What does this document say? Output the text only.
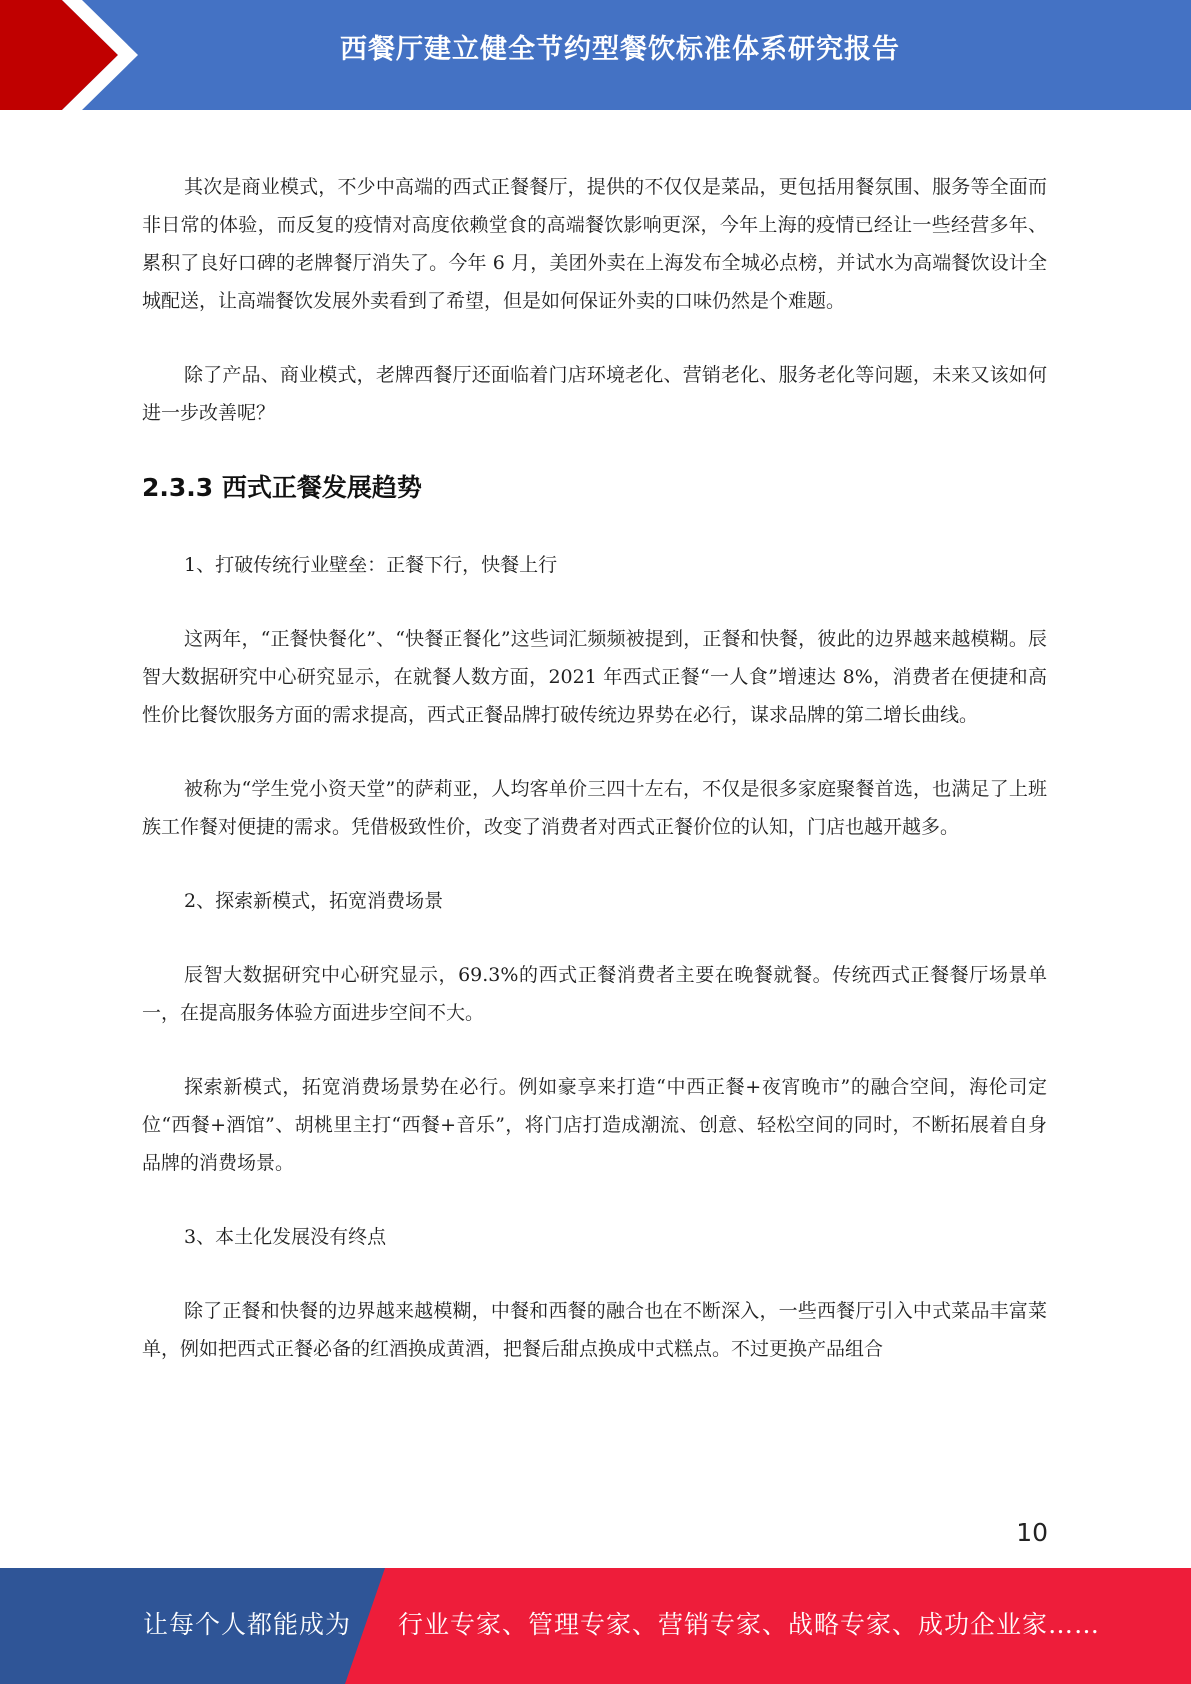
西餐厅建立健全节约型餐饮标准体系研究报告

其次是商业模式，不少中高端的西式正餐餐厅，提供的不仅仅是菜品，更包括用餐氛围、服务等全面而非日常的体验，而反复的疫情对高度依赖堂食的高端餐饮影响更深，今年上海的疫情已经让一些经营多年、累积了良好口碑的老牌餐厅消失了。今年 6 月，美团外卖在上海发布全城必点榜，并试水为高端餐饮设计全城配送，让高端餐饮发展外卖看到了希望，但是如何保证外卖的口味仍然是个难题。

除了产品、商业模式，老牌西餐厅还面临着门店环境老化、营销老化、服务老化等问题，未来又该如何进一步改善呢？

2.3.3 西式正餐发展趋势

1、打破传统行业壁垒：正餐下行，快餐上行

这两年，“正餐快餐化”、“快餐正餐化”这些词汇频频被提到，正餐和快餐，彼此的边界越来越模糊。辰智大数据研究中心研究显示，在就餐人数方面，2021 年西式正餐“一人食”增速达 8%，消费者在便捷和高性价比餐饮服务方面的需求提高，西式正餐品牌打破传统边界势在必行，谋求品牌的第二增长曲线。

被称为“学生党小资天堂”的萨莉亚，人均客单价三四十左右，不仅是很多家庭聚餐首选，也满足了上班族工作餐对便捷的需求。凭借极致性价，改变了消费者对西式正餐价位的认知，门店也越开越多。

2、探索新模式，拓宽消费场景

辰智大数据研究中心研究显示，69.3%的西式正餐消费者主要在晚餐就餐。传统西式正餐餐厅场景单一，在提高服务体验方面进步空间不大。

探索新模式，拓宽消费场景势在必行。例如豪享来打造“中西正餐+夜宵晚市”的融合空间，海伦司定位“西餐+酒馆”、胡桃里主打“西餐+音乐”，将门店打造成潮流、创意、轻松空间的同时，不断拓展着自身品牌的消费场景。

3、本土化发展没有终点

除了正餐和快餐的边界越来越模糊，中餐和西餐的融合也在不断深入，一些西餐厅引入中式菜品丰富菜单，例如把西式正餐必备的红酒换成黄酒，把餐后甜点换成中式糕点。不过更换产品组合

10
让每个人都能成为 行业专家、管理专家、营销专家、战略专家、成功企业家……
